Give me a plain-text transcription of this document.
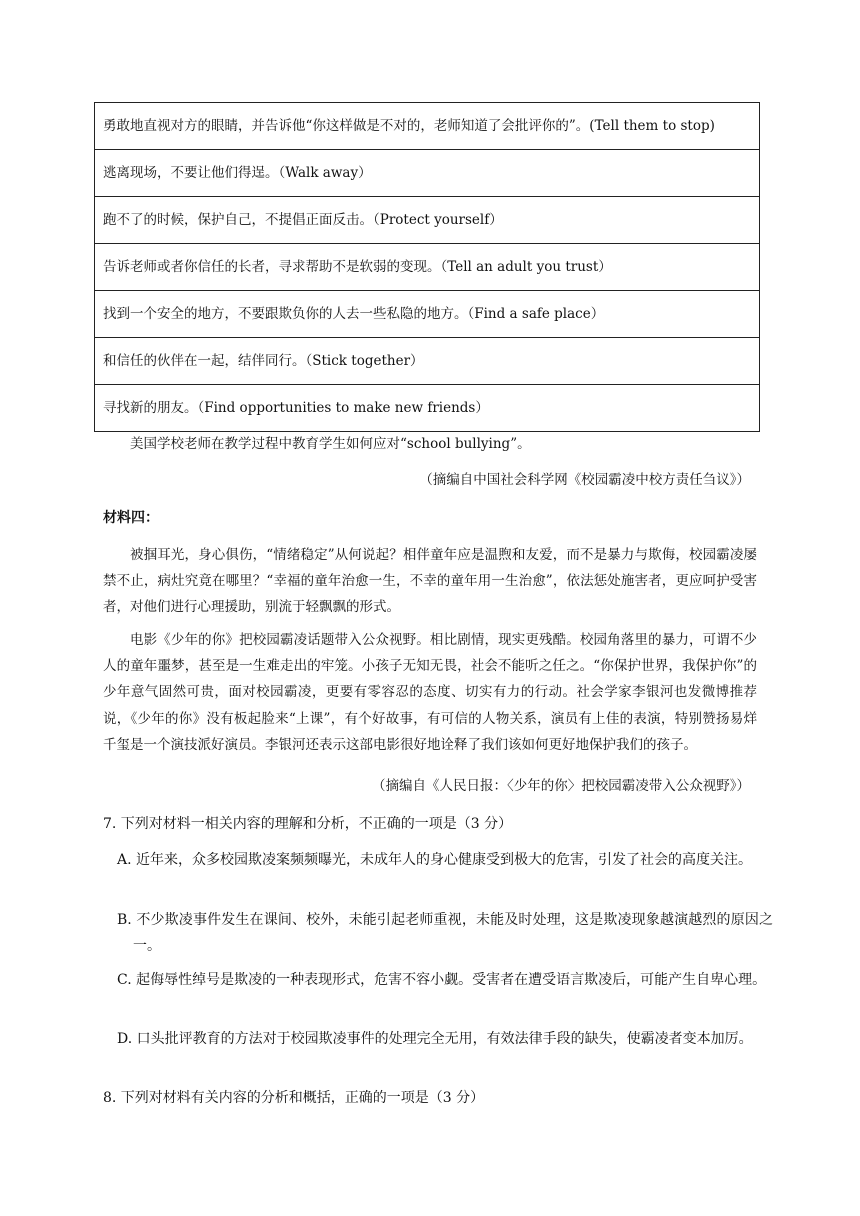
勇敢地直视对方的眼睛，并告诉他“你这样做是不对的，老师知道了会批评你的”。(Tell them to stop)
逃离现场，不要让他们得逞。（Walk away）
跑不了的时候，保护自己，不提倡正面反击。（Protect yourself）
告诉老师或者你信任的长者，寻求帮助不是软弱的变现。（Tell an adult you trust）
找到一个安全的地方，不要跟欺负你的人去一些私隐的地方。（Find a safe place）
和信任的伙伴在一起，结伴同行。（Stick together）
寻找新的朋友。（Find opportunities to make new friends）
美国学校老师在教学过程中教育学生如何应对“school bullying”。
（摘编自中国社会科学网《校园霸凌中校方责任刍议》）
材料四：
被掴耳光，身心俱伤，“情绪稳定”从何说起？相伴童年应是温煦和友爱，而不是暴力与欺侮，校园霸凌屡禁不止，病灶究竟在哪里？“幸福的童年治愈一生，不幸的童年用一生治愈”，依法惩处施害者，更应呵护受害者，对他们进行心理援助，别流于轻飘飘的形式。
电影《少年的你》把校园霸凌话题带入公众视野。相比剧情，现实更残酷。校园角落里的暴力，可谓不少人的童年噩梦，甚至是一生难走出的牢笼。小孩子无知无畏，社会不能听之任之。“你保护世界，我保护你”的少年意气固然可贵，面对校园霸凌，更要有零容忍的态度、切实有力的行动。社会学家李银河也发微博推荐说，《少年的你》没有板起脸来“上课”，有个好故事，有可信的人物关系，演员有上佳的表演，特别赞扬易烊千玺是一个演技派好演员。李银河还表示这部电影很好地诠释了我们该如何更好地保护我们的孩子。
（摘编自《人民日报：〈少年的你〉把校园霸凌带入公众视野》）
7. 下列对材料一相关内容的理解和分析，不正确的一项是（3 分）
A. 近年来，众多校园欺凌案频频曝光，未成年人的身心健康受到极大的危害，引发了社会的高度关注。
B. 不少欺凌事件发生在课间、校外，未能引起老师重视，未能及时处理，这是欺凌现象越演越烈的原因之一。
C. 起侮辱性绰号是欺凌的一种表现形式，危害不容小觑。受害者在遭受语言欺凌后，可能产生自卑心理。
D. 口头批评教育的方法对于校园欺凌事件的处理完全无用，有效法律手段的缺失，使霸凌者变本加厉。
8. 下列对材料有关内容的分析和概括，正确的一项是（3 分）
